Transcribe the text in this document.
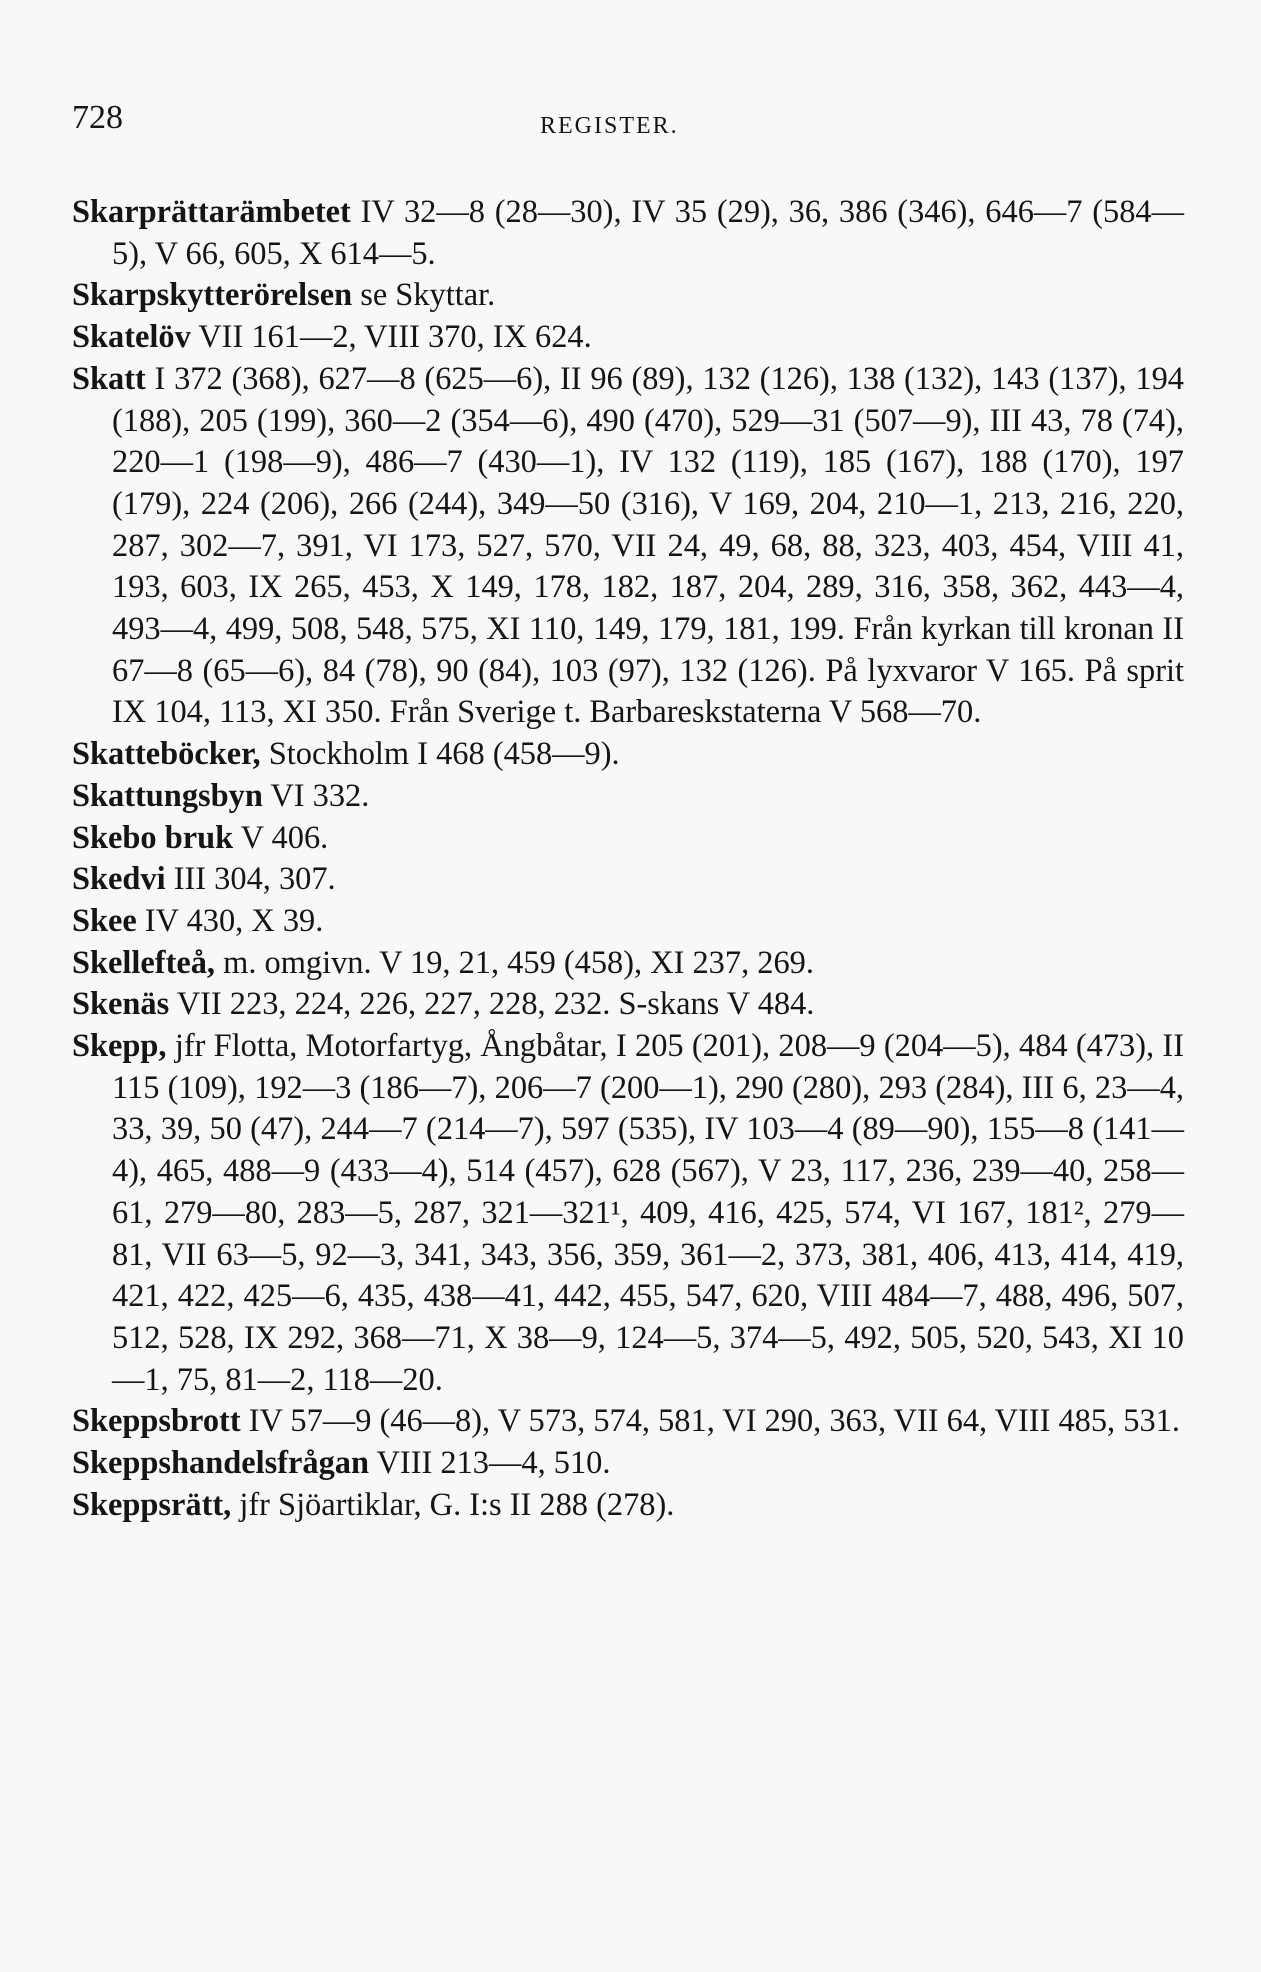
728	REGISTER.

Skarprättarämbetet IV 32—8 (28—30), IV 35 (29), 36, 386 (346), 646—7 (584—5), V 66, 605, X 614—5.

Skarpskytterörelsen se Skyttar.

Skatelöv VII 161—2, VIII 370, IX 624.

Skatt I 372 (368), 627—8 (625—6), II 96 (89), 132 (126), 138 (132), 143 (137), 194 (188), 205 (199), 360—2 (354—6), 490 (470), 529—31 (507—9), III 43, 78 (74), 220—1 (198—9), 486—7 (430—1), IV 132 (119), 185 (167), 188 (170), 197 (179), 224 (206), 266 (244), 349—50 (316), V 169, 204, 210—1, 213, 216, 220, 287, 302—7, 391, VI 173, 527, 570, VII 24, 49, 68, 88, 323, 403, 454, VIII 41, 193, 603, IX 265, 453, X 149, 178, 182, 187, 204, 289, 316, 358, 362, 443—4, 493—4, 499, 508, 548, 575, XI 110, 149, 179, 181, 199. Från kyrkan till kronan II 67—8 (65—6), 84 (78), 90 (84), 103 (97), 132 (126). På lyxvaror V 165. På sprit IX 104, 113, XI 350. Från Sverige t. Barbareskstaterna V 568—70.

Skatteböcker, Stockholm I 468 (458—9).

Skattungsbyn VI 332.

Skebo bruk V 406.

Skedvi III 304, 307.

Skee IV 430, X 39.

Skellefteå, m. omgivn. V 19, 21, 459 (458), XI 237, 269.

Skenäs VII 223, 224, 226, 227, 228, 232. S-skans V 484.

Skepp, jfr Flotta, Motorfartyg, Ångbåtar, I 205 (201), 208—9 (204—5), 484 (473), II 115 (109), 192—3 (186—7), 206—7 (200—1), 290 (280), 293 (284), III 6, 23—4, 33, 39, 50 (47), 244—7 (214—7), 597 (535), IV 103—4 (89—90), 155—8 (141—4), 465, 488—9 (433—4), 514 (457), 628 (567), V 23, 117, 236, 239—40, 258—61, 279—80, 283—5, 287, 321—321¹, 409, 416, 425, 574, VI 167, 181², 279—81, VII 63—5, 92—3, 341, 343, 356, 359, 361—2, 373, 381, 406, 413, 414, 419, 421, 422, 425—6, 435, 438—41, 442, 455, 547, 620, VIII 484—7, 488, 496, 507, 512, 528, IX 292, 368—71, X 38—9, 124—5, 374—5, 492, 505, 520, 543, XI 10—1, 75, 81—2, 118—20.

Skeppsbrott IV 57—9 (46—8), V 573, 574, 581, VI 290, 363, VII 64, VIII 485, 531.

Skeppshandelsfrågan VIII 213—4, 510.

Skeppsrätt, jfr Sjöartiklar, G. I:s II 288 (278).
